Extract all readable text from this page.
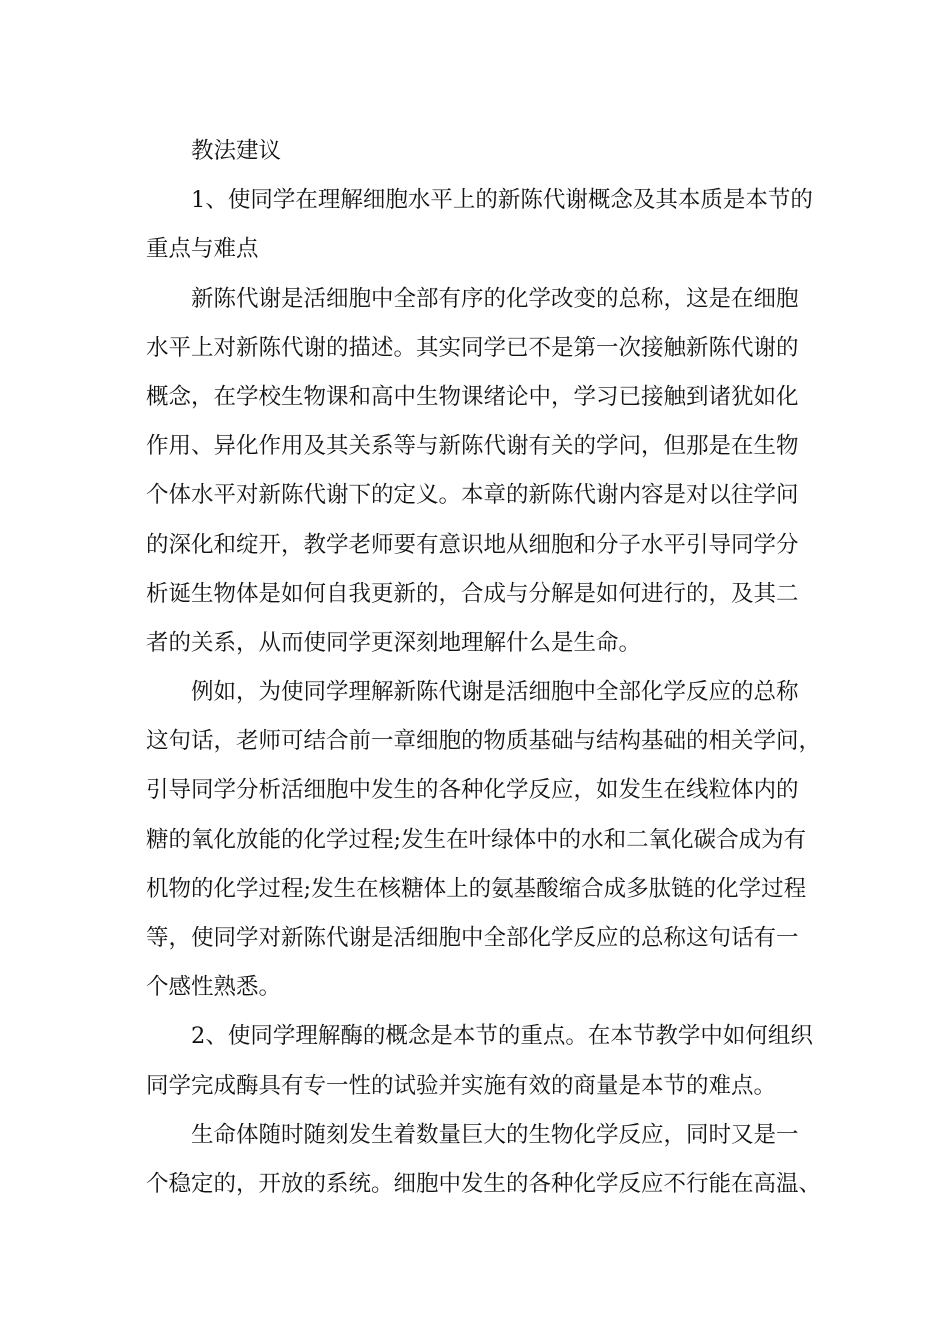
教法建议
1、使同学在理解细胞水平上的新陈代谢概念及其本质是本节的
重点与难点
新陈代谢是活细胞中全部有序的化学改变的总称，这是在细胞
水平上对新陈代谢的描述。其实同学已不是第一次接触新陈代谢的
概念，在学校生物课和高中生物课绪论中，学习已接触到诸犹如化
作用、异化作用及其关系等与新陈代谢有关的学问，但那是在生物
个体水平对新陈代谢下的定义。本章的新陈代谢内容是对以往学问
的深化和绽开，教学老师要有意识地从细胞和分子水平引导同学分
析诞生物体是如何自我更新的，合成与分解是如何进行的，及其二
者的关系，从而使同学更深刻地理解什么是生命。
例如，为使同学理解新陈代谢是活细胞中全部化学反应的总称
这句话，老师可结合前一章细胞的物质基础与结构基础的相关学问，
引导同学分析活细胞中发生的各种化学反应，如发生在线粒体内的
糖的氧化放能的化学过程;发生在叶绿体中的水和二氧化碳合成为有
机物的化学过程;发生在核糖体上的氨基酸缩合成多肽链的化学过程
等，使同学对新陈代谢是活细胞中全部化学反应的总称这句话有一
个感性熟悉。
2、使同学理解酶的概念是本节的重点。在本节教学中如何组织
同学完成酶具有专一性的试验并实施有效的商量是本节的难点。
生命体随时随刻发生着数量巨大的生物化学反应，同时又是一
个稳定的，开放的系统。细胞中发生的各种化学反应不行能在高温、
